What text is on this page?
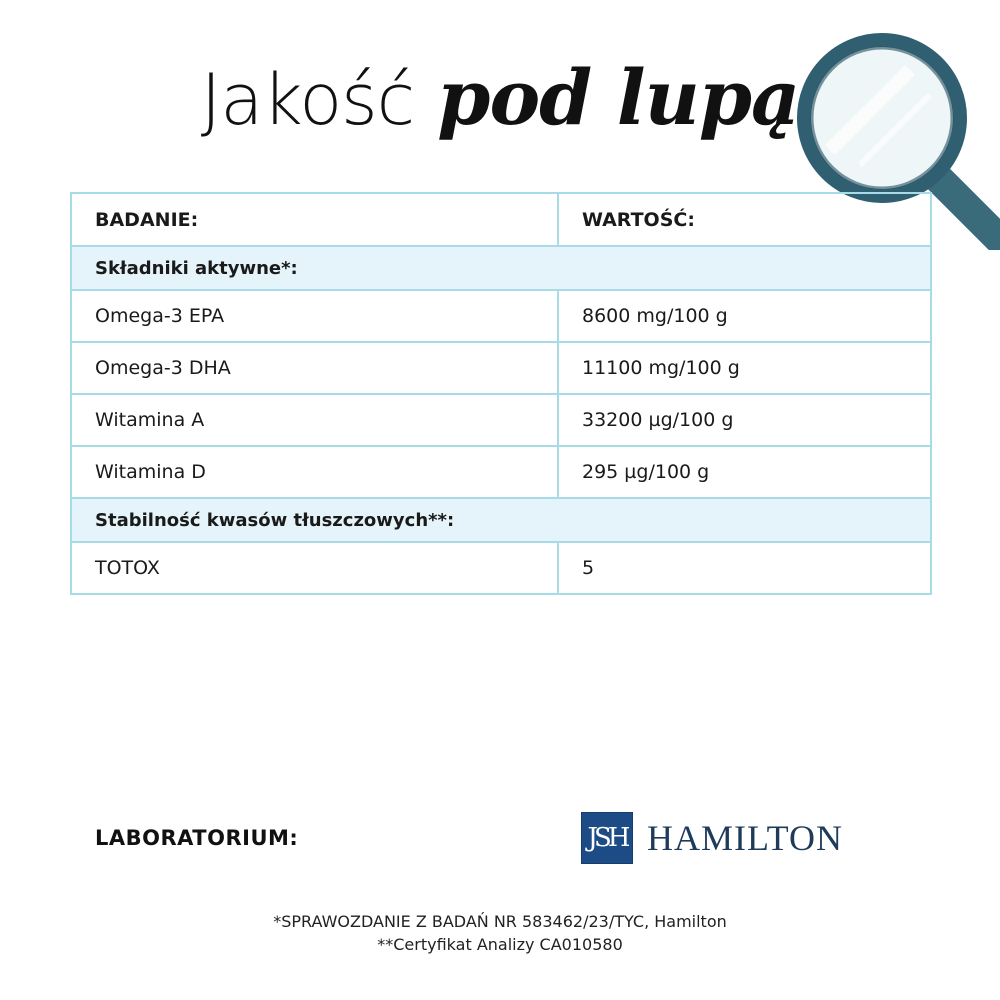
Jakość pod lupą
BADANIE:	WARTOŚĆ:
Składniki aktywne*:	
Omega-3 EPA	8600 mg/100 g
Omega-3 DHA	11100 mg/100 g
Witamina A	33200 µg/100 g
Witamina D	295 µg/100 g
Stabilność kwasów tłuszczowych**:	
TOTOX	5
LABORATORIUM:	JSH HAMILTON
*SPRAWOZDANIE Z BADAŃ NR 583462/23/TYC, Hamilton
**Certyfikat Analizy CA010580
